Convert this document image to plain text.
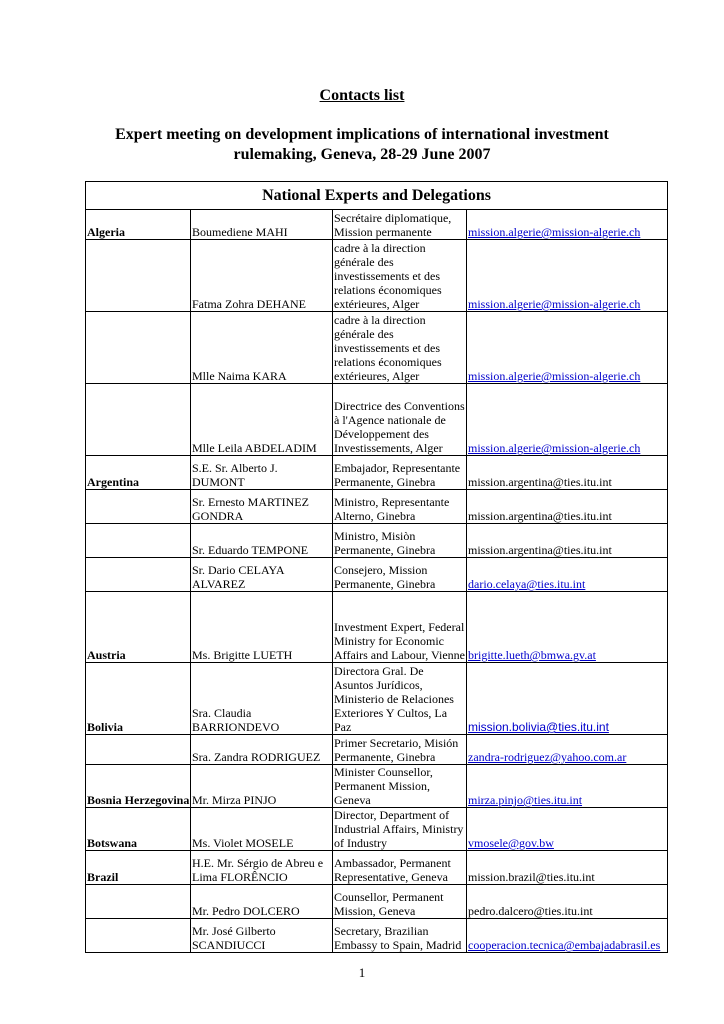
Contacts list
Expert meeting on development implications of international investment rulemaking, Geneva, 28-29 June 2007
National Experts and Delegations			
Algeria	Boumediene MAHI	Secrétaire diplomatique, Mission permanente	mission.algerie@mission-algerie.ch
	Fatma Zohra DEHANE	cadre à la direction générale des investissements et des relations économiques extérieures, Alger	mission.algerie@mission-algerie.ch
	Mlle Naima KARA	cadre à la direction générale des investissements et des relations économiques extérieures, Alger	mission.algerie@mission-algerie.ch
	Mlle Leila ABDELADIM	Directrice des Conventions à l'Agence nationale de Développement des Investissements, Alger	mission.algerie@mission-algerie.ch
Argentina	S.E. Sr. Alberto J. DUMONT	Embajador, Representante Permanente, Ginebra	mission.argentina@ties.itu.int
	Sr. Ernesto MARTINEZ GONDRA	Ministro, Representante Alterno, Ginebra	mission.argentina@ties.itu.int
	Sr. Eduardo TEMPONE	Ministro, Misiòn Permanente, Ginebra	mission.argentina@ties.itu.int
	Sr. Dario CELAYA ALVAREZ	Consejero, Mission Permanente, Ginebra	dario.celaya@ties.itu.int
Austria	Ms. Brigitte LUETH	Investment Expert, Federal Ministry for Economic Affairs and Labour, Vienne	brigitte.lueth@bmwa.gv.at
Bolivia	Sra. Claudia BARRIONDEVO	Directora Gral. De Asuntos Jurídicos, Ministerio de Relaciones Exteriores Y Cultos, La Paz	mission.bolivia@ties.itu.int
	Sra. Zandra RODRIGUEZ	Primer Secretario, Misión Permanente, Ginebra	zandra-rodriguez@yahoo.com.ar
Bosnia Herzegovina	Mr. Mirza PINJO	Minister Counsellor, Permanent Mission, Geneva	mirza.pinjo@ties.itu.int
Botswana	Ms. Violet MOSELE	Director, Department of Industrial Affairs, Ministry of Industry	vmosele@gov.bw
Brazil	H.E. Mr. Sérgio de Abreu e Lima FLORÊNCIO	Ambassador, Permanent Representative, Geneva	mission.brazil@ties.itu.int
	Mr. Pedro DOLCERO	Counsellor, Permanent Mission, Geneva	pedro.dalcero@ties.itu.int
	Mr. José Gilberto SCANDIUCCI	Secretary, Brazilian Embassy to Spain, Madrid	cooperacion.tecnica@embajadabrasil.es
1
